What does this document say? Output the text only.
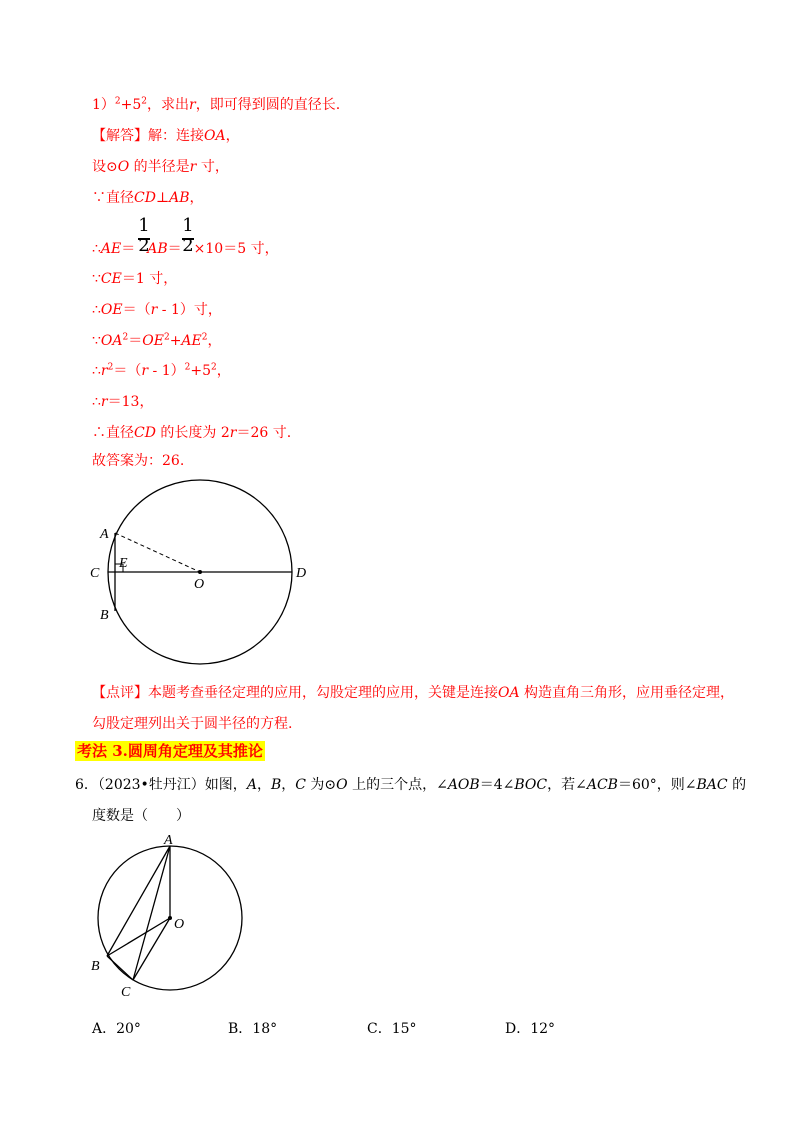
$1)^2+5^2$，求出r，即可得到圆的直径长.
【解答】解：连接OA，
设⊙O 的半径是r 寸，
∵直径CD⊥AB，
1
2
1
2
∴AE＝ AB＝ ×10＝5 寸，
∵CE＝1 寸，
∴OE＝（r - 1）寸，
$\because OA^2=OE^2+AE^2$，
$\therefore r^2=(r - 1)^2+5^2$，
∴r＝13，
∴直径CD 的长度为 2r＝26 寸.
故答案为：26.
A
E
C
O
D
B
【点评】本题考查垂径定理的应用，勾股定理的应用，关键是连接OA 构造直角三角形，应用垂径定理，
勾股定理列出关于圆半径的方程.
考法 3.圆周角定理及其推论
6．（2023•牡丹江）如图，A，B，C 为⊙O 上的三个点，∠AOB＝4∠BOC，若∠ACB＝60°，则∠BAC 的
度数是（　　）
A
O
B
C
A．20°	B．18°	C．15°	D．12°
